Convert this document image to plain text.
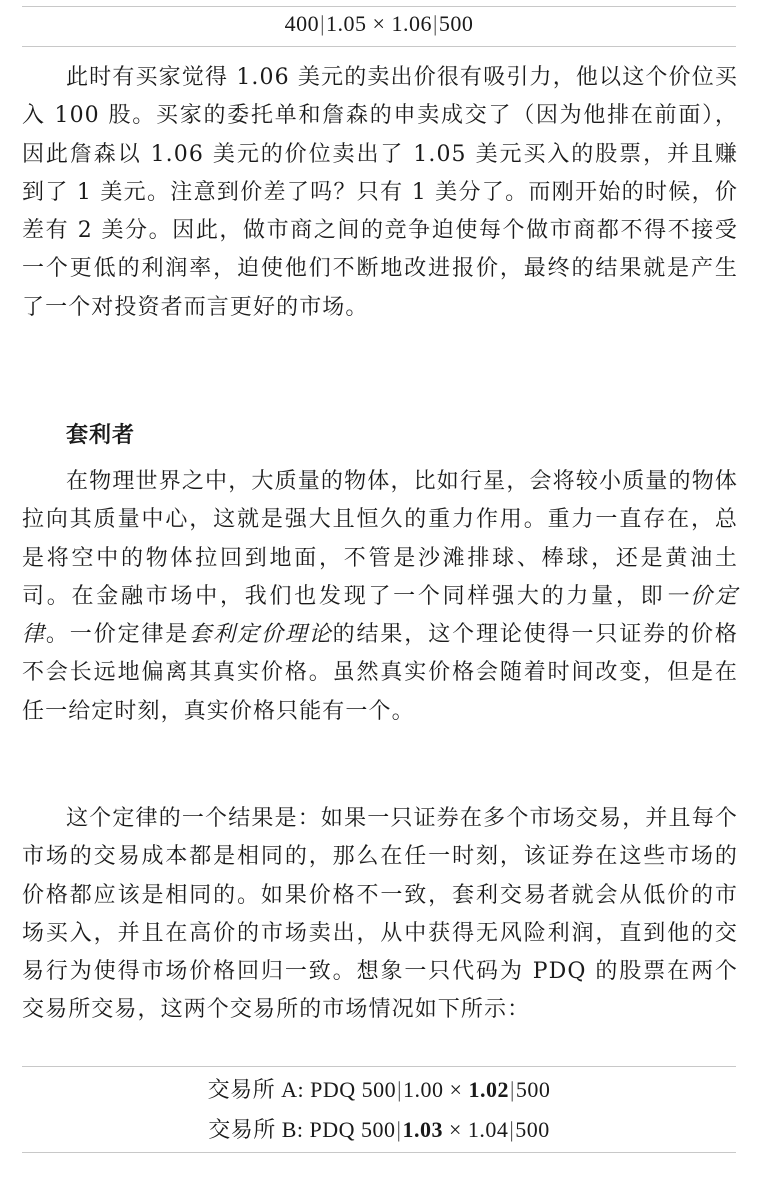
400|1.05 × 1.06|500
此时有买家觉得 1.06 美元的卖出价很有吸引力，他以这个价位买入 100 股。买家的委托单和詹森的申卖成交了（因为他排在前面），因此詹森以 1.06 美元的价位卖出了 1.05 美元买入的股票，并且赚到了 1 美元。注意到价差了吗？只有 1 美分了。而刚开始的时候，价差有 2 美分。因此，做市商之间的竞争迫使每个做市商都不得不接受一个更低的利润率，迫使他们不断地改进报价，最终的结果就是产生了一个对投资者而言更好的市场。
套利者
在物理世界之中，大质量的物体，比如行星，会将较小质量的物体拉向其质量中心，这就是强大且恒久的重力作用。重力一直存在，总是将空中的物体拉回到地面，不管是沙滩排球、棒球，还是黄油土司。在金融市场中，我们也发现了一个同样强大的力量，即一价定律。一价定律是套利定价理论的结果，这个理论使得一只证券的价格不会长远地偏离其真实价格。虽然真实价格会随着时间改变，但是在任一给定时刻，真实价格只能有一个。
这个定律的一个结果是：如果一只证券在多个市场交易，并且每个市场的交易成本都是相同的，那么在任一时刻，该证券在这些市场的价格都应该是相同的。如果价格不一致，套利交易者就会从低价的市场买入，并且在高价的市场卖出，从中获得无风险利润，直到他的交易行为使得市场价格回归一致。想象一只代码为 PDQ 的股票在两个交易所交易，这两个交易所的市场情况如下所示：
交易所 A: PDQ 500|1.00 × 1.02|500
交易所 B: PDQ 500|1.03 × 1.04|500
